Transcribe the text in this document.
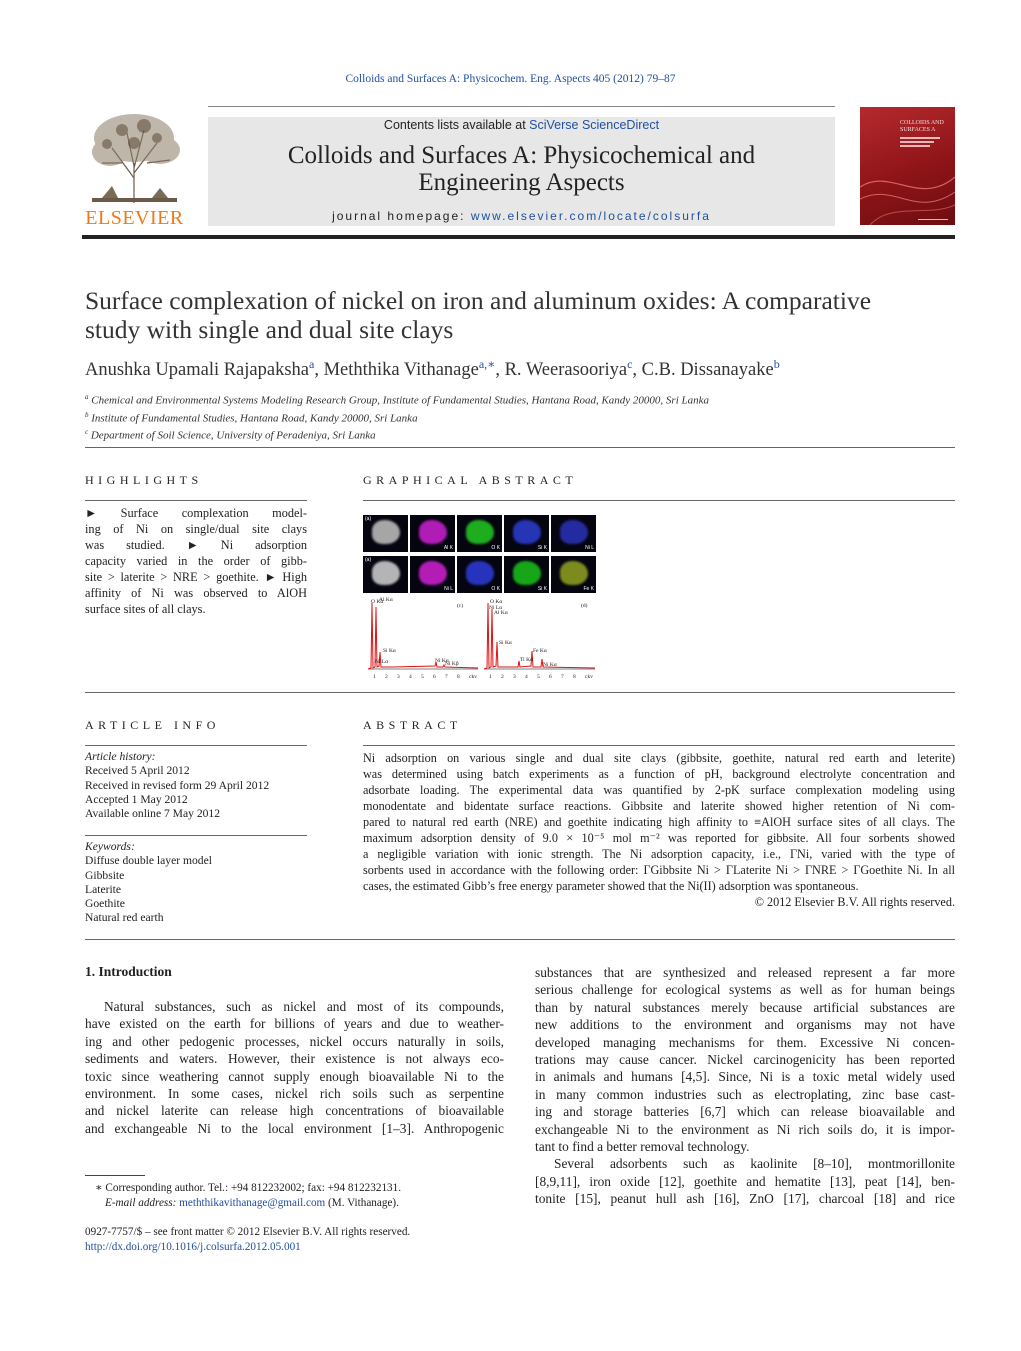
Colloids and Surfaces A: Physicochem. Eng. Aspects 405 (2012) 79–87
ELSEVIER
Contents lists available at SciVerse ScienceDirect
Colloids and Surfaces A: Physicochemical and
Engineering Aspects
journal homepage: www.elsevier.com/locate/colsurfa
COLLOIDS AND
SURFACES A
Surface complexation of nickel on iron and aluminum oxides: A comparative
study with single and dual site clays
Anushka Upamali Rajapaksha$^a$, Meththika Vithanage$^{a,∗}$, R. Weerasooriya$^c$, C.B. Dissanayake$^b$
$^a$ Chemical and Environmental Systems Modeling Research Group, Institute of Fundamental Studies, Hantana Road, Kandy 20000, Sri Lanka
$^b$ Institute of Fundamental Studies, Hantana Road, Kandy 20000, Sri Lanka
$^c$ Department of Soil Science, University of Peradeniya, Sri Lanka
HIGHLIGHTS
► Surface complexation model-
ing of Ni on single/dual site clays
was studied. ► Ni adsorption
capacity varied in the order of gibb-
site > laterite > NRE > goethite. ► High
affinity of Ni was observed to AlOH
surface sites of all clays.
GRAPHICAL ABSTRACT
(a)
Al K	O K	Si K	Ni L
(a)
Ni L	O K	Si K	Fe K
O Kα
Al Kα
Si Kα
Ni Lα	Ni Kα
Ni Kβ
O Kα
Ni Lα
Al Kα
Si Kα
Ti Kα
Fe Kα
Ni Kα
(c)	(d)
1	1
2	2
3	3
4	4
5	5
6	6
7	7
8	8
ckv	ckv
ARTICLE INFO
Article history:
Received 5 April 2012
Received in revised form 29 April 2012
Accepted 1 May 2012
Available online 7 May 2012
Keywords:
Diffuse double layer model
Gibbsite
Laterite
Goethite
Natural red earth
ABSTRACT
Ni adsorption on various single and dual site clays (gibbsite, goethite, natural red earth and leterite)
was determined using batch experiments as a function of pH, background electrolyte concentration and
adsorbate loading. The experimental data was quantified by 2-pK surface complexation modeling using
monodentate and bidentate surface reactions. Gibbsite and laterite showed higher retention of Ni com-
pared to natural red earth (NRE) and goethite indicating high affinity to ≡AlOH surface sites of all clays. The
maximum adsorption density of 9.0 × 10⁻⁵ mol m⁻² was reported for gibbsite. All four sorbents showed
a negligible variation with ionic strength. The Ni adsorption capacity, i.e., ΓNi, varied with the type of
sorbents used in accordance with the following order: ΓGibbsite Ni > ΓLaterite Ni > ΓNRE > ΓGoethite Ni. In all
cases, the estimated Gibb’s free energy parameter showed that the Ni(II) adsorption was spontaneous.
© 2012 Elsevier B.V. All rights reserved.
1. Introduction
Natural substances, such as nickel and most of its compounds,
have existed on the earth for billions of years and due to weather-
ing and other pedogenic processes, nickel occurs naturally in soils,
sediments and waters. However, their existence is not always eco-
toxic since weathering cannot supply enough bioavailable Ni to the
environment. In some cases, nickel rich soils such as serpentine
and nickel laterite can release high concentrations of bioavailable
and exchangeable Ni to the local environment [1–3]. Anthropogenic
substances that are synthesized and released represent a far more
serious challenge for ecological systems as well as for human beings
than by natural substances merely because artificial substances are
new additions to the environment and organisms may not have
developed managing mechanisms for them. Excessive Ni concen-
trations may cause cancer. Nickel carcinogenicity has been reported
in animals and humans [4,5]. Since, Ni is a toxic metal widely used
in many common industries such as electroplating, zinc base cast-
ing and storage batteries [6,7] which can release bioavailable and
exchangeable Ni to the environment as Ni rich soils do, it is impor-
tant to find a better removal technology.
Several adsorbents such as kaolinite [8–10], montmorillonite
[8,9,11], iron oxide [12], goethite and hematite [13], peat [14], ben-
tonite [15], peanut hull ash [16], ZnO [17], charcoal [18] and rice
∗ Corresponding author. Tel.: +94 812232002; fax: +94 812232131.
E-mail address: meththikavithanage@gmail.com (M. Vithanage).
0927-7757/$ – see front matter © 2012 Elsevier B.V. All rights reserved.
http://dx.doi.org/10.1016/j.colsurfa.2012.05.001
